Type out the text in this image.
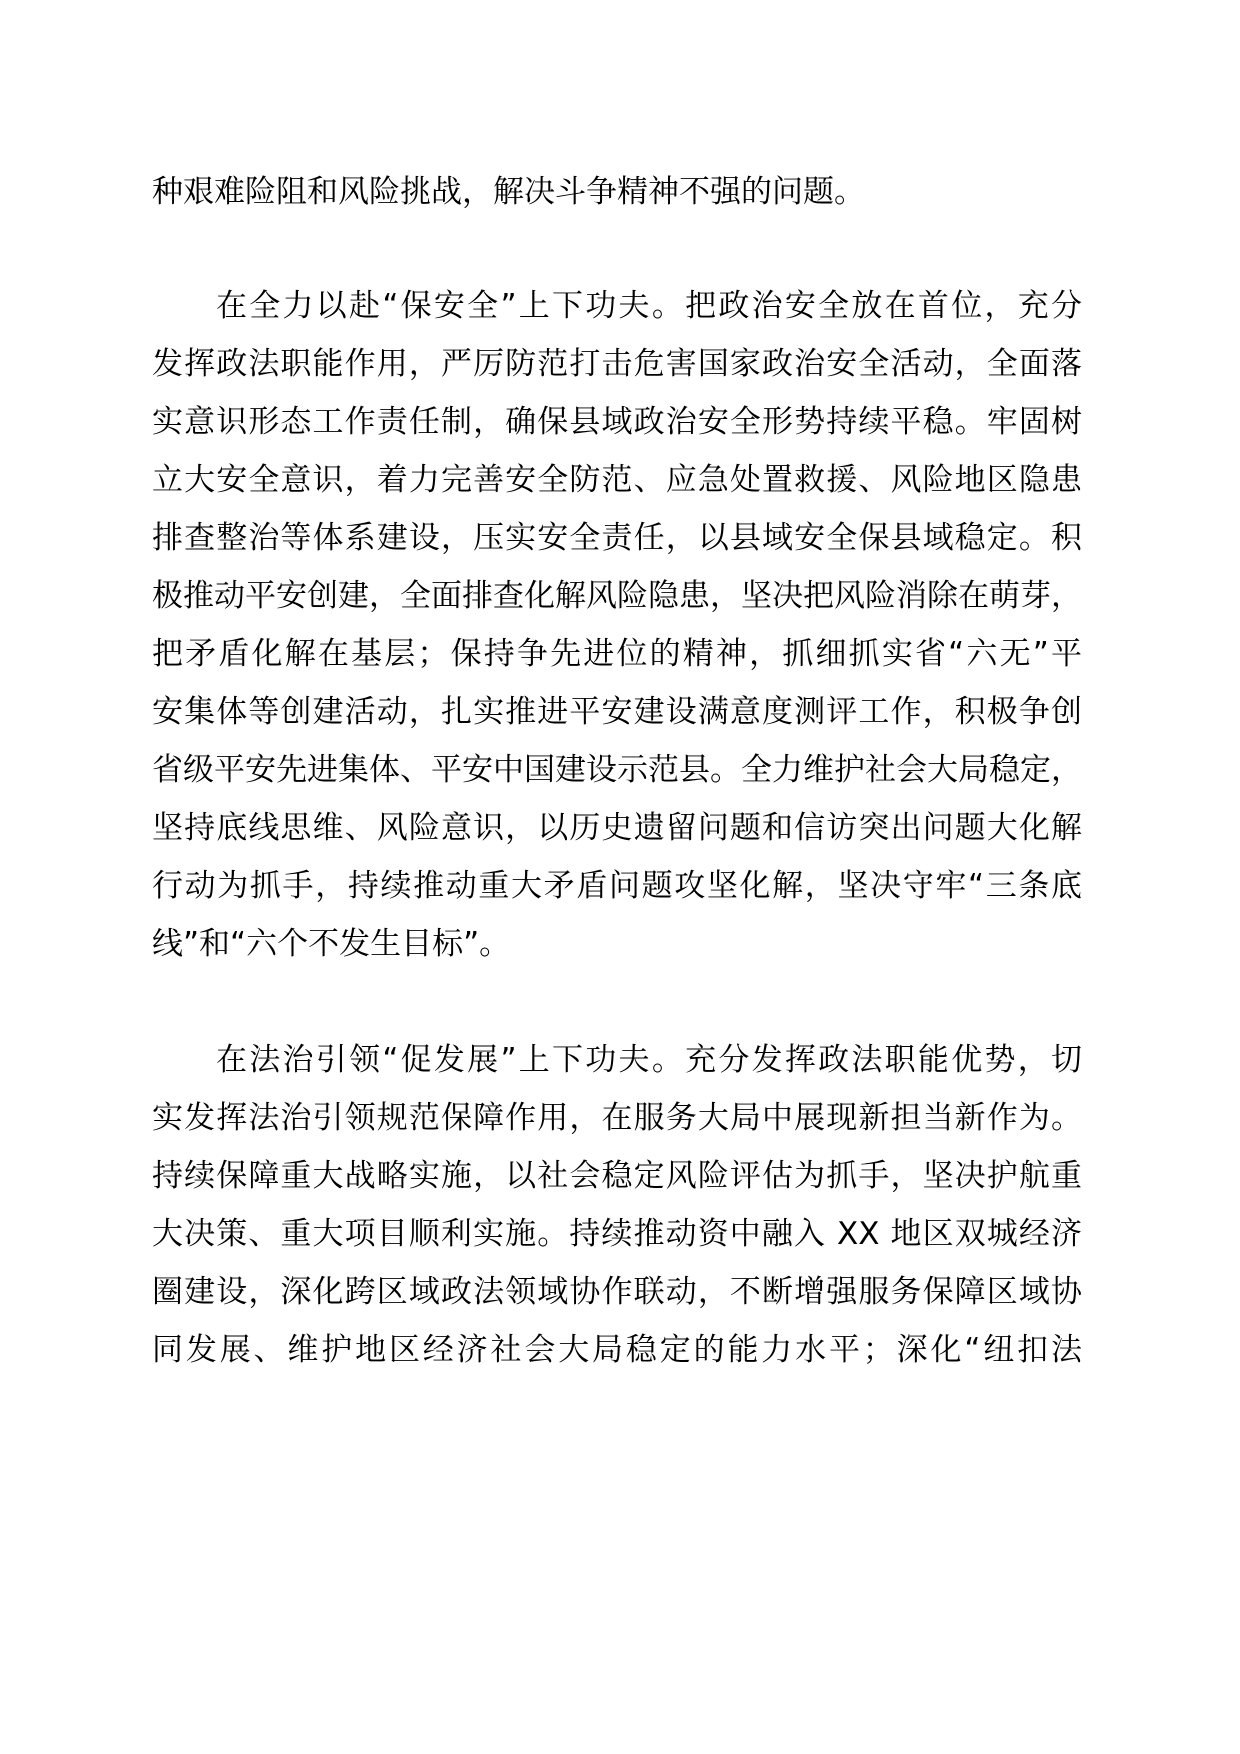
种艰难险阻和风险挑战，解决斗争精神不强的问题。
在全力以赴“保安全”上下功夫。把政治安全放在首位，充分
发挥政法职能作用，严厉防范打击危害国家政治安全活动，全面落
实意识形态工作责任制，确保县域政治安全形势持续平稳。牢固树
立大安全意识，着力完善安全防范、应急处置救援、风险地区隐患
排查整治等体系建设，压实安全责任，以县域安全保县域稳定。积
极推动平安创建，全面排查化解风险隐患，坚决把风险消除在萌芽，
把矛盾化解在基层；保持争先进位的精神，抓细抓实省“六无”平
安集体等创建活动，扎实推进平安建设满意度测评工作，积极争创
省级平安先进集体、平安中国建设示范县。全力维护社会大局稳定，
坚持底线思维、风险意识，以历史遗留问题和信访突出问题大化解
行动为抓手，持续推动重大矛盾问题攻坚化解，坚决守牢“三条底
线”和“六个不发生目标”。
在法治引领“促发展”上下功夫。充分发挥政法职能优势，切
实发挥法治引领规范保障作用，在服务大局中展现新担当新作为。
持续保障重大战略实施，以社会稳定风险评估为抓手，坚决护航重
大决策、重大项目顺利实施。持续推动资中融入 XX 地区双城经济
圈建设，深化跨区域政法领域协作联动，不断增强服务保障区域协
同发展、维护地区经济社会大局稳定的能力水平；深化“纽扣法
